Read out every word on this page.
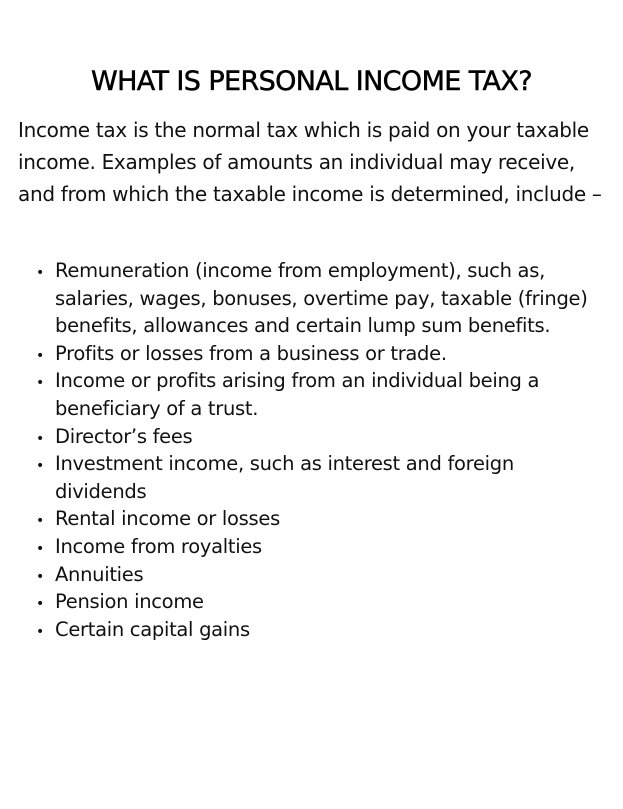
WHAT IS PERSONAL INCOME TAX?

Income tax is the normal tax which is paid on your taxable income. Examples of amounts an individual may receive, and from which the taxable income is determined, include –

• Remuneration (income from employment), such as, salaries, wages, bonuses, overtime pay, taxable (fringe) benefits, allowances and certain lump sum benefits.
• Profits or losses from a business or trade.
• Income or profits arising from an individual being a beneficiary of a trust.
• Director’s fees
• Investment income, such as interest and foreign dividends
• Rental income or losses
• Income from royalties
• Annuities
• Pension income
• Certain capital gains
